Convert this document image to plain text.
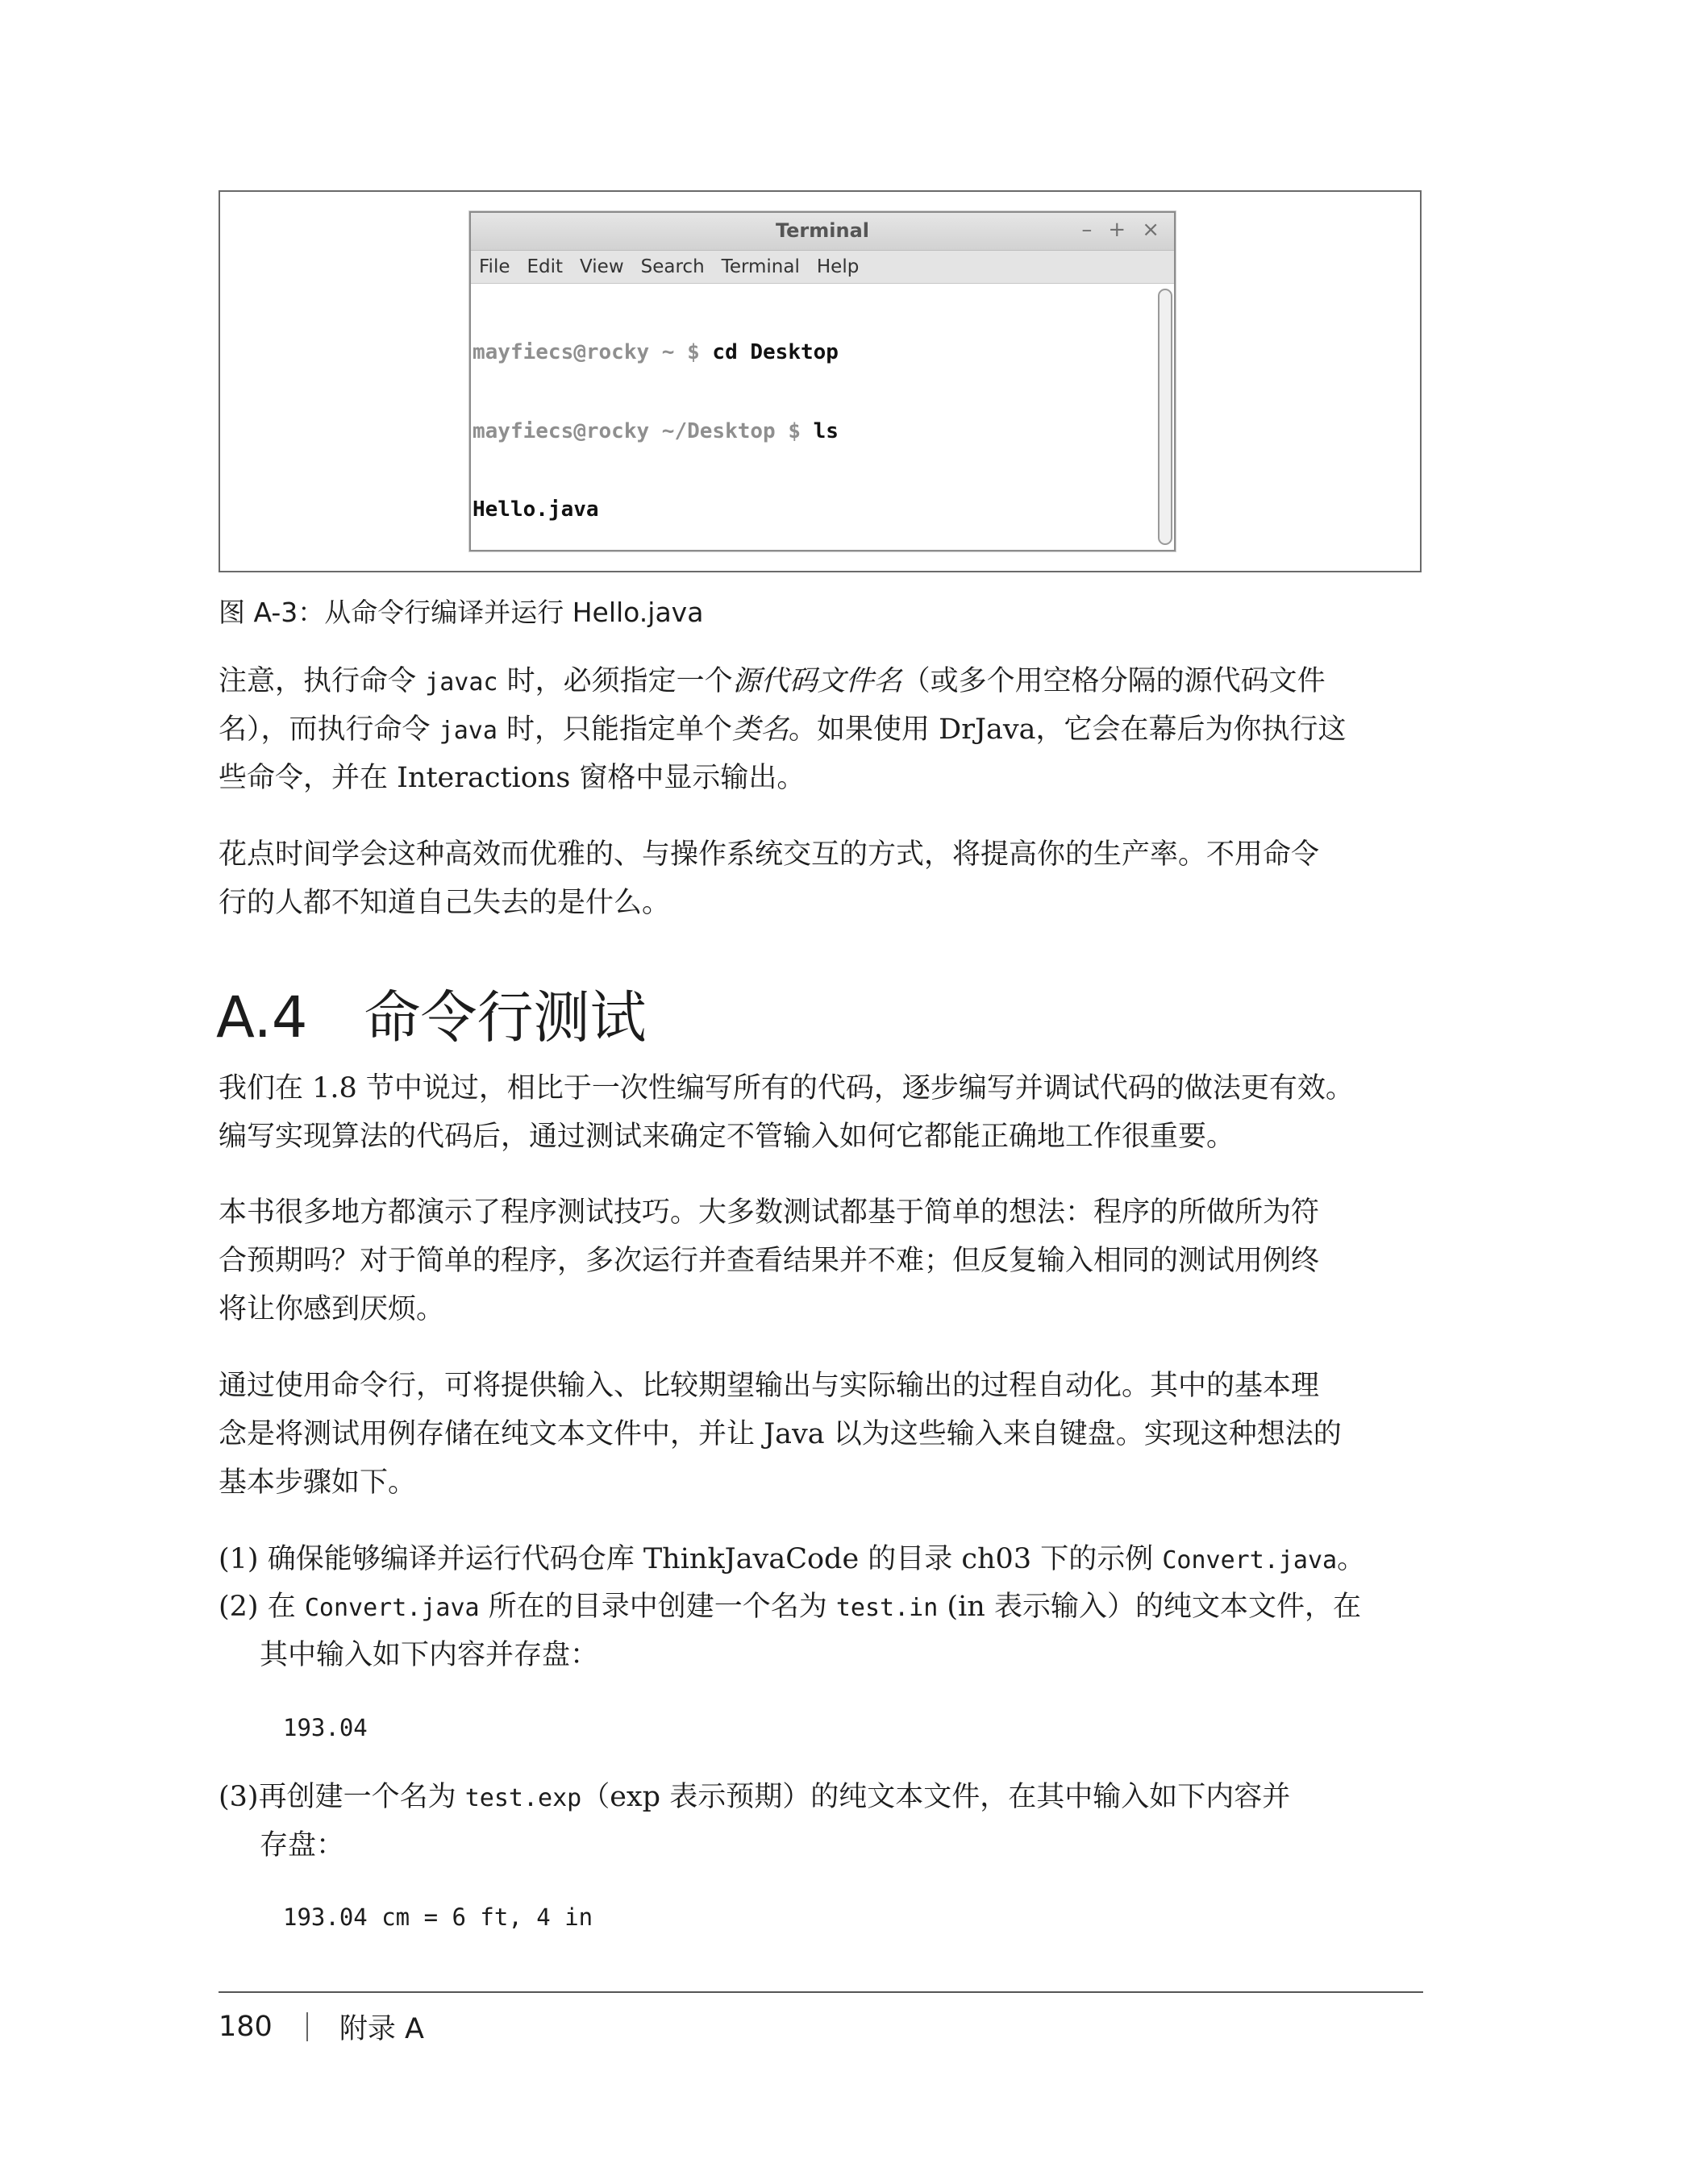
Terminal	– + ×
File Edit View Search Terminal Help

mayfiecs@rocky ~ $ cd Desktop

mayfiecs@rocky ~/Desktop $ ls

Hello.java

图 A-3：从命令行编译并运行 Hello.java
注意，执行命令 javac 时，必须指定一个源代码文件名（或多个用空格分隔的源代码文件
名），而执行命令 java 时，只能指定单个类名。如果使用 DrJava，它会在幕后为你执行这
些命令，并在 Interactions 窗格中显示输出。
花点时间学会这种高效而优雅的、与操作系统交互的方式，将提高你的生产率。不用命令
行的人都不知道自己失去的是什么。
A.4 命令行测试
我们在 1.8 节中说过，相比于一次性编写所有的代码，逐步编写并调试代码的做法更有效。
编写实现算法的代码后，通过测试来确定不管输入如何它都能正确地工作很重要。
本书很多地方都演示了程序测试技巧。大多数测试都基于简单的想法：程序的所做所为符
合预期吗？对于简单的程序，多次运行并查看结果并不难；但反复输入相同的测试用例终
将让你感到厌烦。
通过使用命令行，可将提供输入、比较期望输出与实际输出的过程自动化。其中的基本理
念是将测试用例存储在纯文本文件中，并让 Java 以为这些输入来自键盘。实现这种想法的
基本步骤如下。
(1) 确保能够编译并运行代码仓库 ThinkJavaCode 的目录 ch03 下的示例 Convert.java。
(2) 在 Convert.java 所在的目录中创建一个名为 test.in (in 表示输入）的纯文本文件，在
其中输入如下内容并存盘：
193.04
(3)再创建一个名为 test.exp（exp 表示预期）的纯文本文件，在其中输入如下内容并
存盘：
193.04 cm = 6 ft, 4 in
180 附录 A
